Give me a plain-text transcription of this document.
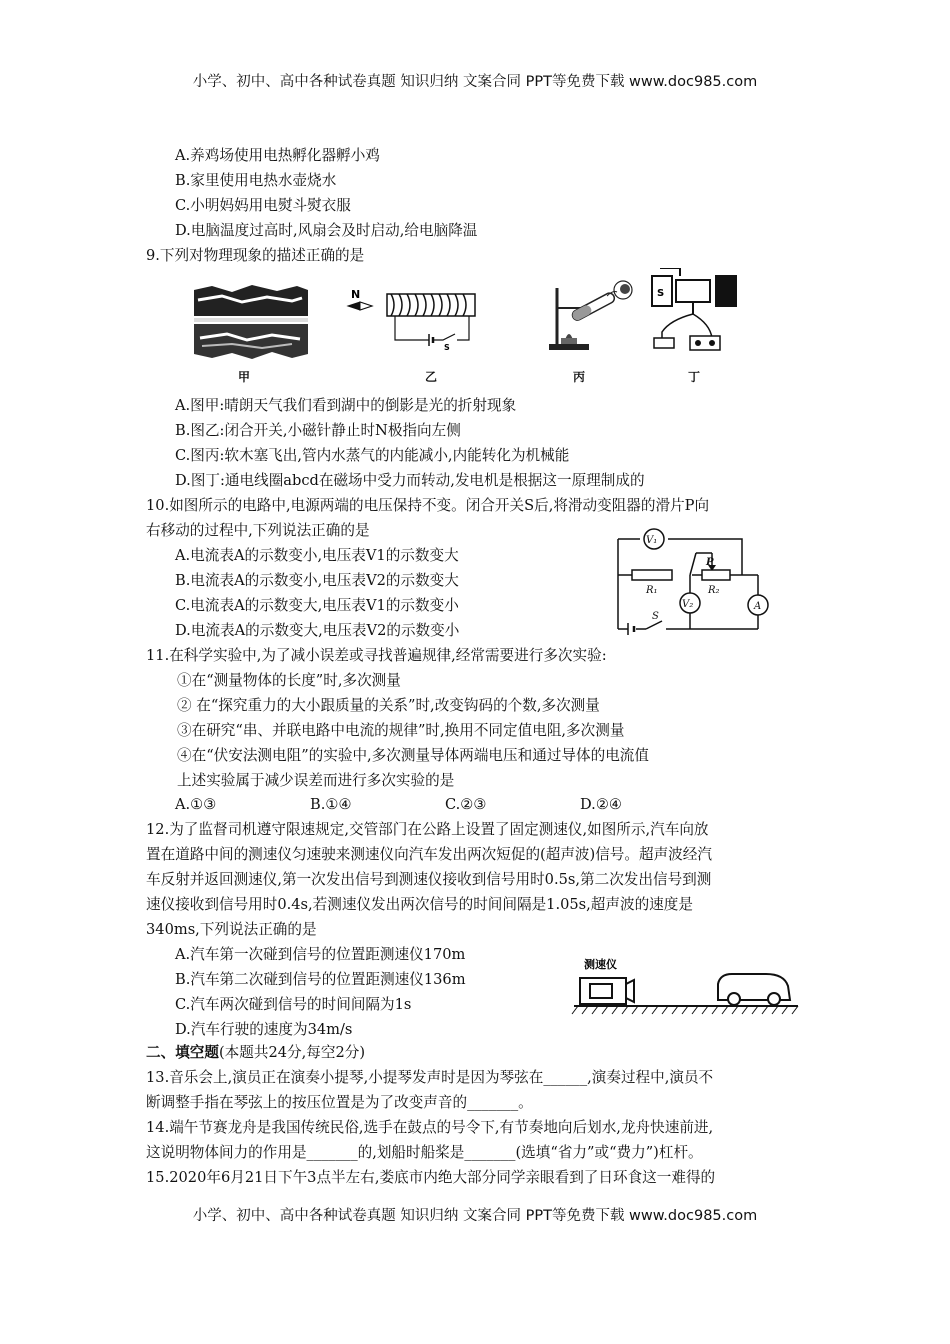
小学、初中、高中各种试卷真题 知识归纳 文案合同 PPT等免费下载 www.doc985.com
A.养鸡场使用电热孵化器孵小鸡
B.家里使用电热水壶烧水
C.小明妈妈用电熨斗熨衣服
D.电脑温度过高时,风扇会及时启动,给电脑降温
9.下列对物理现象的描述正确的是
N
S
S
甲	乙	丙	丁
A.图甲:晴朗天气我们看到湖中的倒影是光的折射现象
B.图乙:闭合开关,小磁针静止时N极指向左侧
C.图丙:软木塞飞出,管内水蒸气的内能减小,内能转化为机械能
D.图丁:通电线圈abcd在磁场中受力而转动,发电机是根据这一原理制成的
10.如图所示的电路中,电源两端的电压保持不变。闭合开关S后,将滑动变阻器的滑片P向
右移动的过程中,下列说法正确的是
A.电流表A的示数变小,电压表V1的示数变大
B.电流表A的示数变小,电压表V2的示数变大
C.电流表A的示数变大,电压表V1的示数变小
D.电流表A的示数变大,电压表V2的示数变小
V₁
V₂	A
R₁	R₂
P
S
11.在科学实验中,为了减小误差或寻找普遍规律,经常需要进行多次实验:
①在“测量物体的长度”时,多次测量
② 在“探究重力的大小跟质量的关系”时,改变钩码的个数,多次测量
③在研究“串、并联电路中电流的规律”时,换用不同定值电阻,多次测量
④在“伏安法测电阻”的实验中,多次测量导体两端电压和通过导体的电流值
上述实验属于减少误差而进行多次实验的是
A.①③	B.①④	C.②③	D.②④
12.为了监督司机遵守限速规定,交管部门在公路上设置了固定测速仪,如图所示,汽车向放
置在道路中间的测速仪匀速驶来测速仪向汽车发出两次短促的(超声波)信号。超声波经汽
车反射并返回测速仪,第一次发出信号到测速仪接收到信号用时0.5s,第二次发出信号到测
速仪接收到信号用时0.4s,若测速仪发出两次信号的时间间隔是1.05s,超声波的速度是
340ms,下列说法正确的是
A.汽车第一次碰到信号的位置距测速仪170m
B.汽车第二次碰到信号的位置距测速仪136m
C.汽车两次碰到信号的时间间隔为1s
D.汽车行驶的速度为34m/s
测速仪
二、填空题(本题共24分,每空2分)
13.音乐会上,演员正在演奏小提琴,小提琴发声时是因为琴弦在______,演奏过程中,演员不
断调整手指在琴弦上的按压位置是为了改变声音的_______。
14.端午节赛龙舟是我国传统民俗,选手在鼓点的号令下,有节奏地向后划水,龙舟快速前进,
这说明物体间力的作用是_______的,划船时船桨是_______(选填“省力”或“费力”)杠杆。
15.2020年6月21日下午3点半左右,娄底市内绝大部分同学亲眼看到了日环食这一难得的
小学、初中、高中各种试卷真题 知识归纳 文案合同 PPT等免费下载 www.doc985.com
